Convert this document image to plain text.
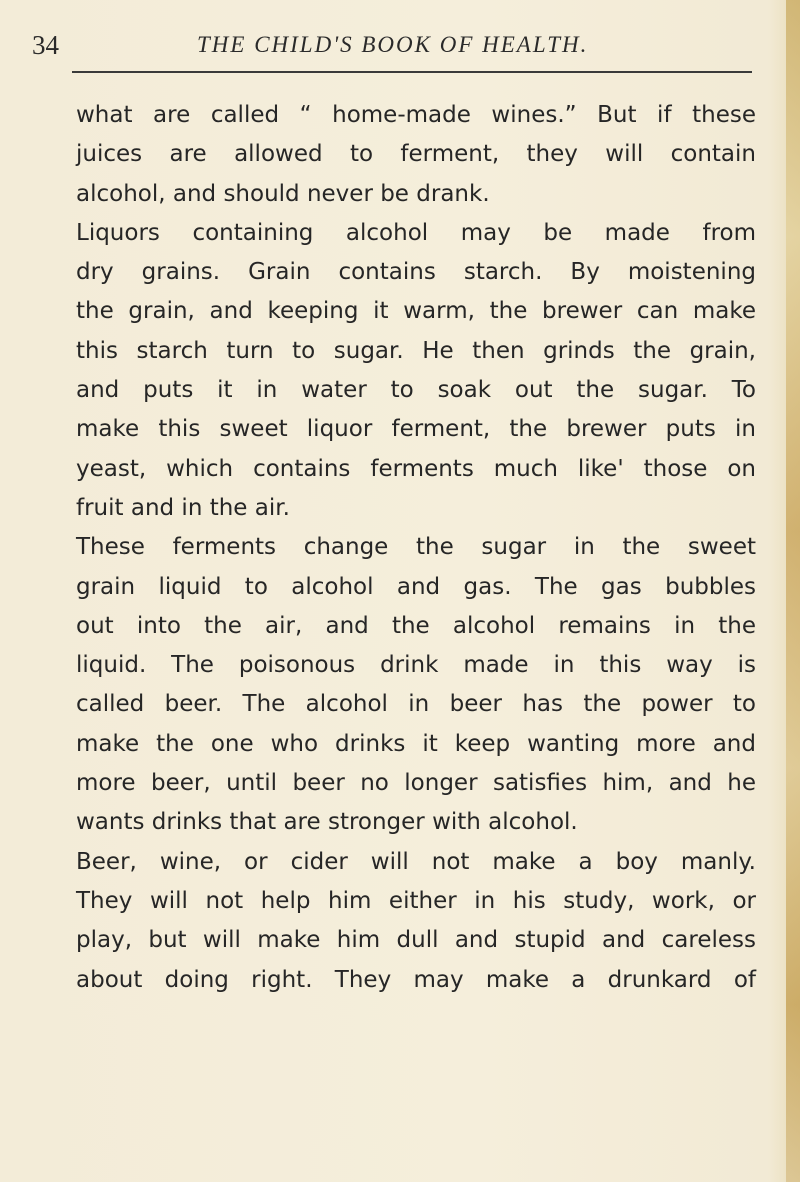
34	THE CHILD'S BOOK OF HEALTH.
what are called “ home-made wines.” But if these
juices are allowed to ferment, they will contain
alcohol, and should never be drank.
Liquors containing alcohol may be made from
dry grains. Grain contains starch. By moistening
the grain, and keeping it warm, the brewer can make
this starch turn to sugar. He then grinds the grain,
and puts it in water to soak out the sugar. To
make this sweet liquor ferment, the brewer puts in
yeast, which contains ferments much like' those on
fruit and in the air.
These ferments change the sugar in the sweet
grain liquid to alcohol and gas. The gas bubbles
out into the air, and the alcohol remains in the
liquid. The poisonous drink made in this way is
called beer. The alcohol in beer has the power to
make the one who drinks it keep wanting more and
more beer, until beer no longer satisfies him, and he
wants drinks that are stronger with alcohol.
Beer, wine, or cider will not make a boy manly.
They will not help him either in his study, work, or
play, but will make him dull and stupid and careless
about doing right. They may make a drunkard of
